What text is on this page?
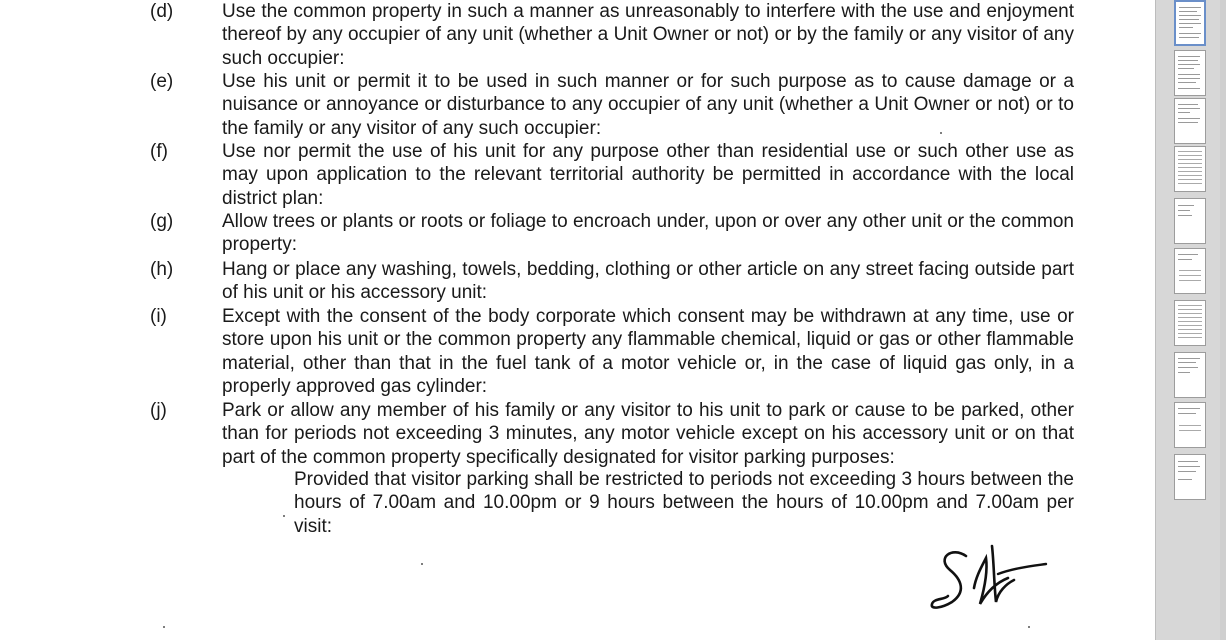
(d)	Use the common property in such a manner as unreasonably to interfere with the use and enjoyment thereof by any occupier of any unit (whether a Unit Owner or not) or by the family or any visitor of any such occupier:
(e)	Use his unit or permit it to be used in such manner or for such purpose as to cause damage or a nuisance or annoyance or disturbance to any occupier of any unit (whether a Unit Owner or not) or to the family or any visitor of any such occupier:
(f)	Use nor permit the use of his unit for any purpose other than residential use or such other use as may upon application to the relevant territorial authority be permitted in accordance with the local district plan:
(g)	Allow trees or plants or roots or foliage to encroach under, upon or over any other unit or the common property:
(h)	Hang or place any washing, towels, bedding, clothing or other article on any street facing outside part of his unit or his accessory unit:
(i)	Except with the consent of the body corporate which consent may be withdrawn at any time, use or store upon his unit or the common property any flammable chemical, liquid or gas or other flammable material, other than that in the fuel tank of a motor vehicle or, in the case of liquid gas only, in a properly approved gas cylinder:
(j)	Park or allow any member of his family or any visitor to his unit to park or cause to be parked, other than for periods not exceeding 3 minutes, any motor vehicle except on his accessory unit or on that part of the common property specifically designated for visitor parking purposes:
Provided that visitor parking shall be restricted to periods not exceeding 3 hours between the hours of 7.00am and 10.00pm or 9 hours between the hours of 10.00pm and 7.00am per visit:
